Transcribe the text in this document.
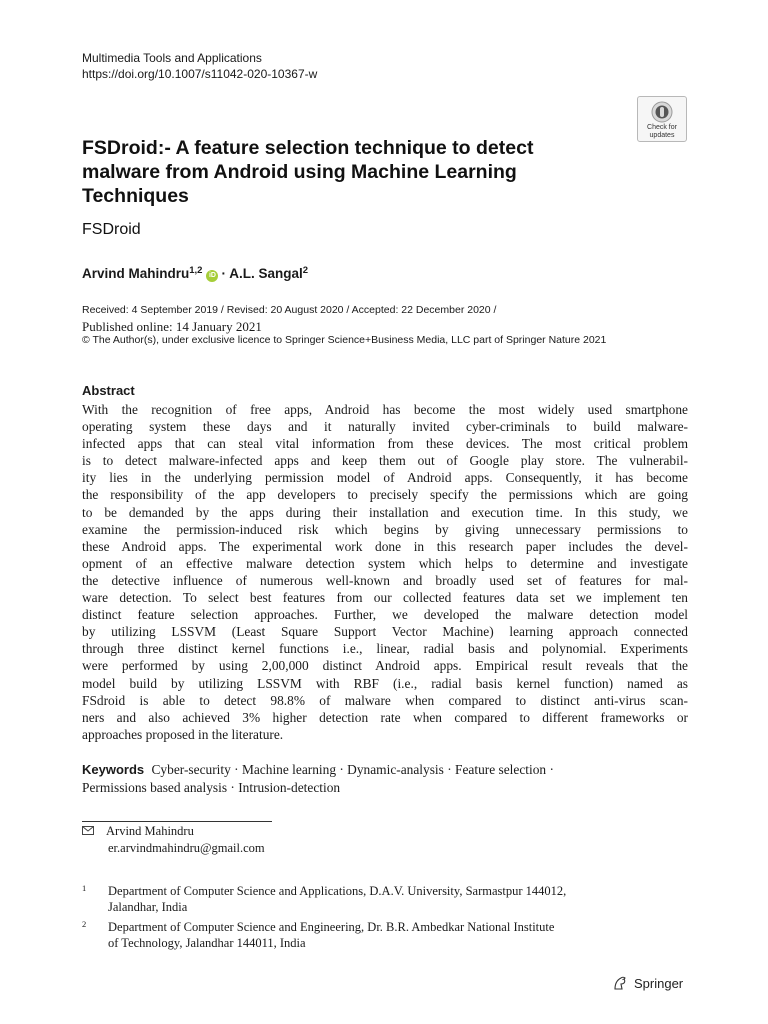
Multimedia Tools and Applications
https://doi.org/10.1007/s11042-020-10367-w
Check for
updates
FSDroid:- A feature selection technique to detect
malware from Android using Machine Learning
Techniques
FSDroid
Arvind Mahindru$^{1,2}$ iD · A.L. Sangal$^2$
Received: 4 September 2019 / Revised: 20 August 2020 / Accepted: 22 December 2020 /
Published online: 14 January 2021
© The Author(s), under exclusive licence to Springer Science+Business Media, LLC part of Springer Nature 2021
Abstract
With the recognition of free apps, Android has become the most widely used smartphone
operating system these days and it naturally invited cyber-criminals to build malware-
infected apps that can steal vital information from these devices. The most critical problem
is to detect malware-infected apps and keep them out of Google play store. The vulnerabil-
ity lies in the underlying permission model of Android apps. Consequently, it has become
the responsibility of the app developers to precisely specify the permissions which are going
to be demanded by the apps during their installation and execution time. In this study, we
examine the permission-induced risk which begins by giving unnecessary permissions to
these Android apps. The experimental work done in this research paper includes the devel-
opment of an effective malware detection system which helps to determine and investigate
the detective influence of numerous well-known and broadly used set of features for mal-
ware detection. To select best features from our collected features data set we implement ten
distinct feature selection approaches. Further, we developed the malware detection model
by utilizing LSSVM (Least Square Support Vector Machine) learning approach connected
through three distinct kernel functions i.e., linear, radial basis and polynomial. Experiments
were performed by using 2,00,000 distinct Android apps. Empirical result reveals that the
model build by utilizing LSSVM with RBF (i.e., radial basis kernel function) named as
FSdroid is able to detect 98.8% of malware when compared to distinct anti-virus scan-
ners and also achieved 3% higher detection rate when compared to different frameworks or
approaches proposed in the literature.
Keywords Cyber-security · Machine learning · Dynamic-analysis · Feature selection ·
Permissions based analysis · Intrusion-detection
Arvind Mahindru
er.arvindmahindru@gmail.com
1	Department of Computer Science and Applications, D.A.V. University, Sarmastpur 144012,
Jalandhar, India
2	Department of Computer Science and Engineering, Dr. B.R. Ambedkar National Institute
of Technology, Jalandhar 144011, India
Springer
